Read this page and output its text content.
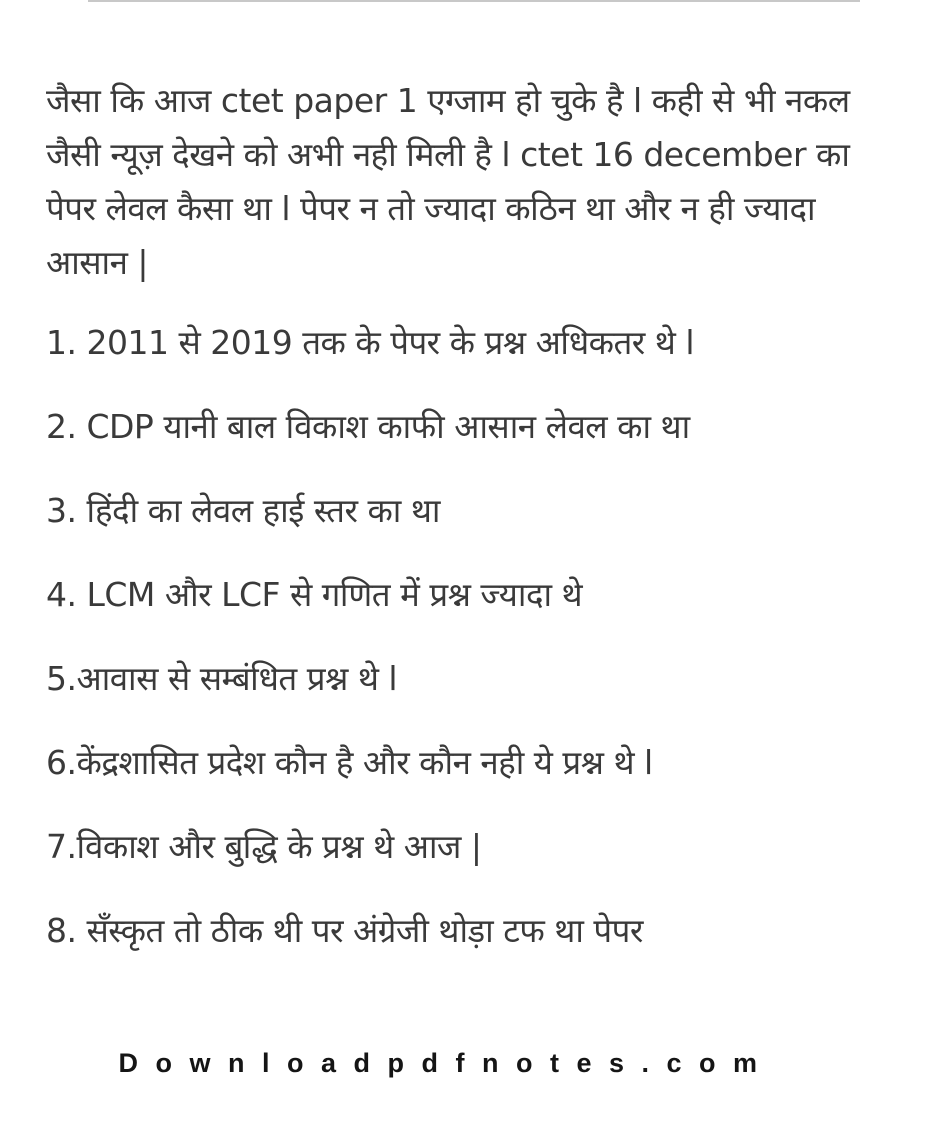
जैसा कि आज ctet paper 1 एग्जाम हो चुके है l कही से भी नकल जैसी न्यूज़ देखने को अभी नही मिली है l ctet 16 december का पेपर लेवल कैसा था l पेपर न तो ज्यादा कठिन था और न ही ज्यादा आसान |

1. 2011 से 2019 तक के पेपर के प्रश्न अधिकतर थे l
2. CDP यानी बाल विकाश काफी आसान लेवल का था
3. हिंदी का लेवल हाई स्तर का था
4. LCM और LCF से गणित में प्रश्न ज्यादा थे
5.आवास से सम्बंधित प्रश्न थे l
6.केंद्रशासित प्रदेश कौन है और कौन नही ये प्रश्न थे l
7.विकाश और बुद्धि के प्रश्न थे आज |
8. सँस्कृत तो ठीक थी पर अंग्रेजी थोड़ा टफ था पेपर
Downloadpdfnotes.com
